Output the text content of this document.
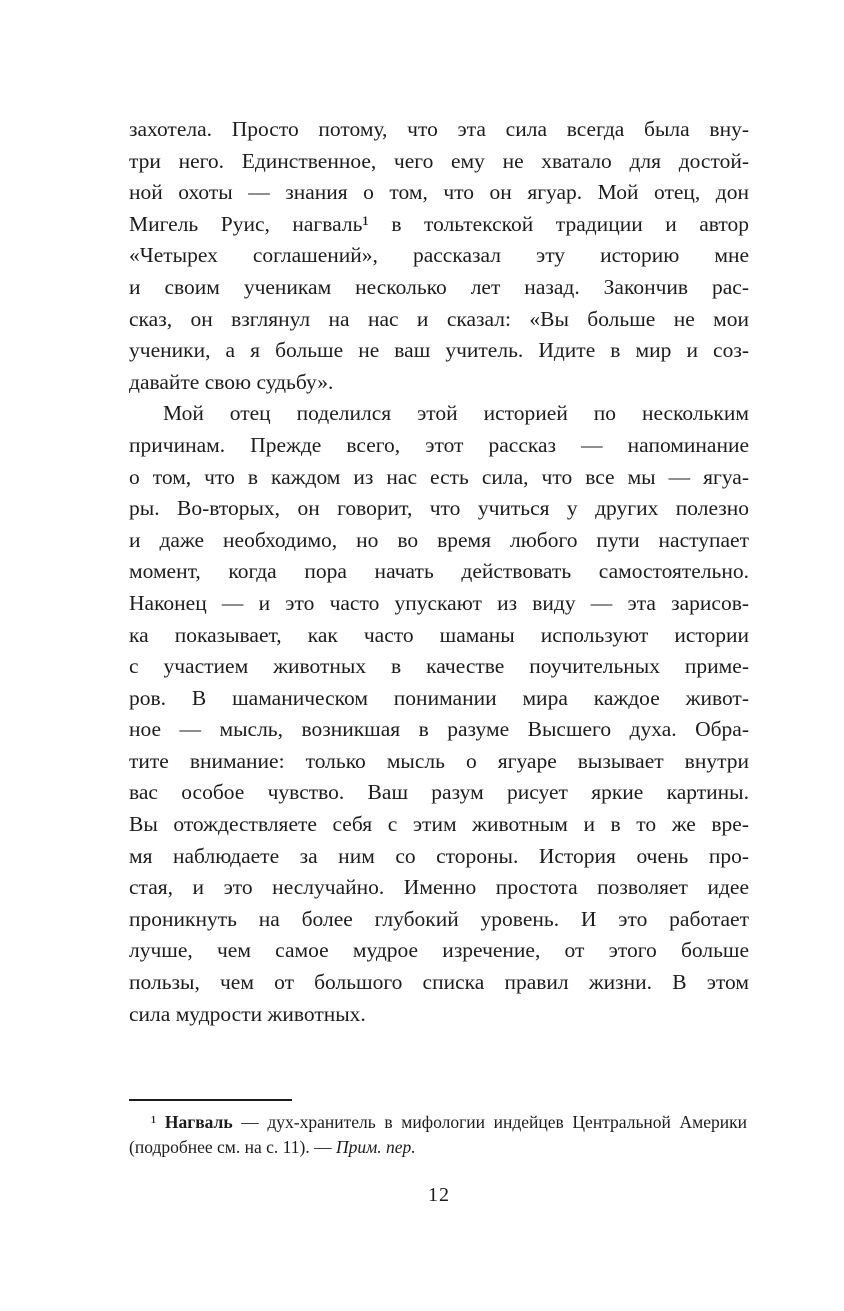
захотела. Просто потому, что эта сила всегда была вну-
три него. Единственное, чего ему не хватало для достой-
ной охоты — знания о том, что он ягуар. Мой отец, дон
Мигель Руис, нагваль¹ в тольтекской традиции и автор
«Четырех соглашений», рассказал эту историю мне
и своим ученикам несколько лет назад. Закончив рас-
сказ, он взглянул на нас и сказал: «Вы больше не мои
ученики, а я больше не ваш учитель. Идите в мир и соз-
давайте свою судьбу».
Мой отец поделился этой историей по нескольким
причинам. Прежде всего, этот рассказ — напоминание
о том, что в каждом из нас есть сила, что все мы — ягуа-
ры. Во-вторых, он говорит, что учиться у других полезно
и даже необходимо, но во время любого пути наступает
момент, когда пора начать действовать самостоятельно.
Наконец — и это часто упускают из виду — эта зарисов-
ка показывает, как часто шаманы используют истории
с участием животных в качестве поучительных приме-
ров. В шаманическом понимании мира каждое живот-
ное — мысль, возникшая в разуме Высшего духа. Обра-
тите внимание: только мысль о ягуаре вызывает внутри
вас особое чувство. Ваш разум рисует яркие картины.
Вы отождествляете себя с этим животным и в то же вре-
мя наблюдаете за ним со стороны. История очень про-
стая, и это неслучайно. Именно простота позволяет идее
проникнуть на более глубокий уровень. И это работает
лучше, чем самое мудрое изречение, от этого больше
пользы, чем от большого списка правил жизни. В этом
сила мудрости животных.
¹ Нагваль — дух-хранитель в мифологии индейцев Центральной Америки (подробнее см. на с. 11). — Прим. пер.
12
